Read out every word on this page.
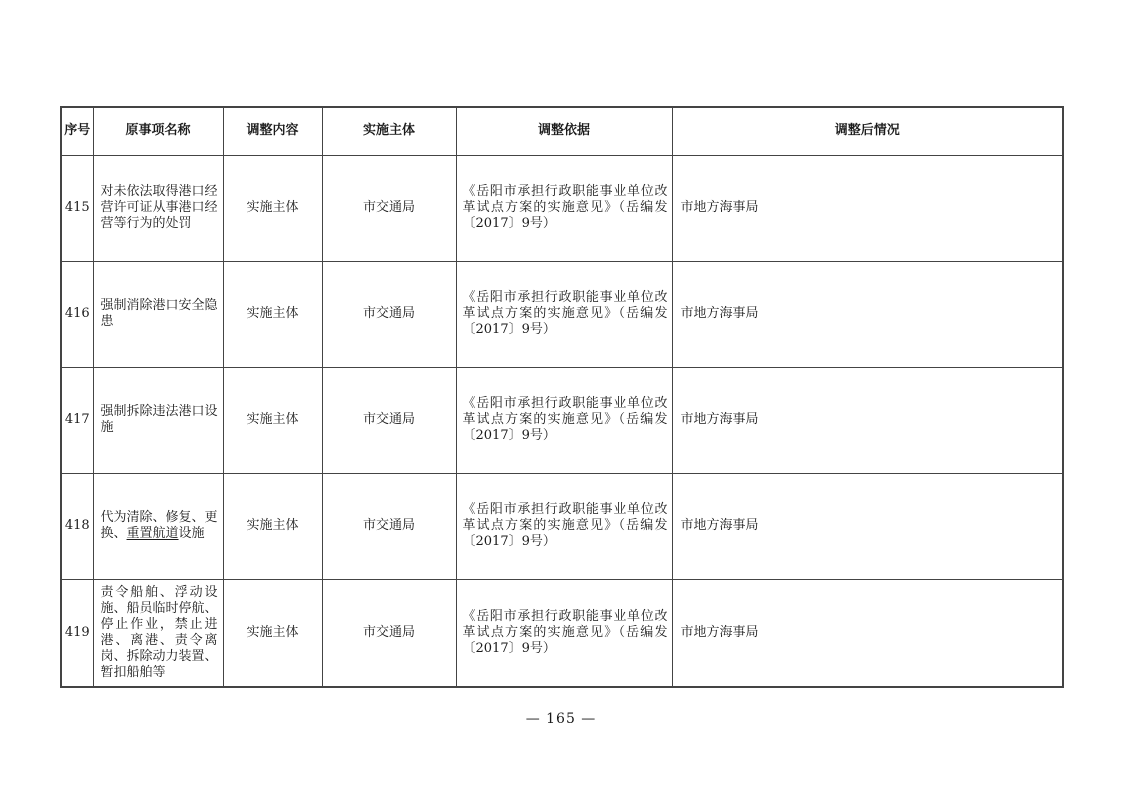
序号	原事项名称	调整内容	实施主体	调整依据	调整后情况
415	对未依法取得港口经营许可证从事港口经营等行为的处罚	实施主体	市交通局	《岳阳市承担行政职能事业单位改革试点方案的实施意见》（岳编发〔2017〕9号）	市地方海事局
416	强制消除港口安全隐患	实施主体	市交通局	《岳阳市承担行政职能事业单位改革试点方案的实施意见》（岳编发〔2017〕9号）	市地方海事局
417	强制拆除违法港口设施	实施主体	市交通局	《岳阳市承担行政职能事业单位改革试点方案的实施意见》（岳编发〔2017〕9号）	市地方海事局
418	代为清除、修复、更换、重置航道设施	实施主体	市交通局	《岳阳市承担行政职能事业单位改革试点方案的实施意见》（岳编发〔2017〕9号）	市地方海事局
419	责令船舶、浮动设施、船员临时停航、停止作业，禁止进港、离港、责令离岗、拆除动力装置、暂扣船舶等	实施主体	市交通局	《岳阳市承担行政职能事业单位改革试点方案的实施意见》（岳编发〔2017〕9号）	市地方海事局
— 165 —
